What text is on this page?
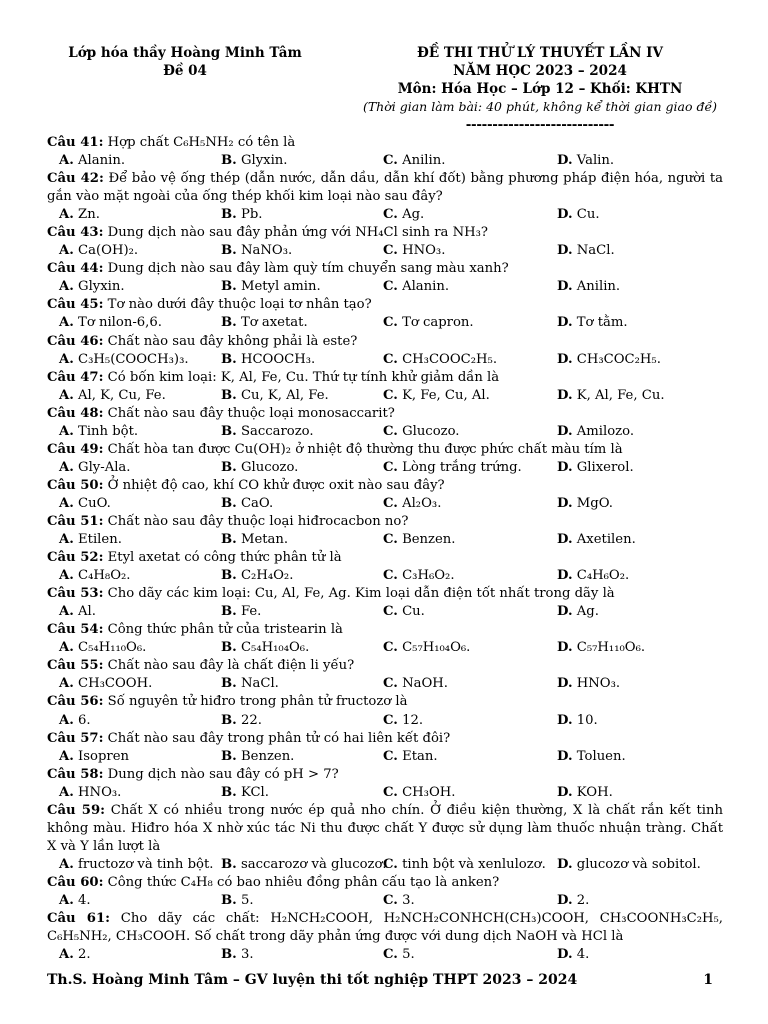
Lớp hóa thầy Hoàng Minh Tâm
Đề 04
ĐỀ THI THỬ LÝ THUYẾT LẦN IV
NĂM HỌC 2023 – 2024
Môn: Hóa Học – Lớp 12 – Khối: KHTN
(Thời gian làm bài: 40 phút, không kể thời gian giao đề)
----------------------------
Câu 41: Hợp chất C₆H₅NH₂ có tên là
A. Alanin.	B. Glyxin.	C. Anilin.	D. Valin.
Câu 42: Để bảo vệ ống thép (dẫn nước, dẫn dầu, dẫn khí đốt) bằng phương pháp điện hóa, người ta gắn vào mặt ngoài của ống thép khối kim loại nào sau đây?
A. Zn.	B. Pb.	C. Ag.	D. Cu.
Câu 43: Dung dịch nào sau đây phản ứng với NH₄Cl sinh ra NH₃?
A. Ca(OH)₂.	B. NaNO₃.	C. HNO₃.	D. NaCl.
Câu 44: Dung dịch nào sau đây làm quỳ tím chuyển sang màu xanh?
A. Glyxin.	B. Metyl amin.	C. Alanin.	D. Anilin.
Câu 45: Tơ nào dưới đây thuộc loại tơ nhân tạo?
A. Tơ nilon-6,6.	B. Tơ axetat.	C. Tơ capron.	D. Tơ tằm.
Câu 46: Chất nào sau đây không phải là este?
A. C₃H₅(COOCH₃)₃. B. HCOOCH₃.	C. CH₃COOC₂H₅.	D. CH₃COC₂H₅.
Câu 47: Có bốn kim loại: K, Al, Fe, Cu. Thứ tự tính khử giảm dần là
A. Al, K, Cu, Fe.	B. Cu, K, Al, Fe.	C. K, Fe, Cu, Al.	D. K, Al, Fe, Cu.
Câu 48: Chất nào sau đây thuộc loại monosaccarit?
A. Tinh bột.	B. Saccarozo.	C. Glucozo.	D. Amilozo.
Câu 49: Chất hòa tan được Cu(OH)₂ ở nhiệt độ thường thu được phức chất màu tím là
A. Gly-Ala.	B. Glucozo.	C. Lòng trắng trứng.	D. Glixerol.
Câu 50: Ở nhiệt độ cao, khí CO khử được oxit nào sau đây?
A. CuO.	B. CaO.	C. Al₂O₃.	D. MgO.
Câu 51: Chất nào sau đây thuộc loại hiđrocacbon no?
A. Etilen.	B. Metan.	C. Benzen.	D. Axetilen.
Câu 52: Etyl axetat có công thức phân tử là
A. C₄H₈O₂.	B. C₂H₄O₂.	C. C₃H₆O₂.	D. C₄H₆O₂.
Câu 53: Cho dãy các kim loại: Cu, Al, Fe, Ag. Kim loại dẫn điện tốt nhất trong dãy là
A. Al.	B. Fe.	C. Cu.	D. Ag.
Câu 54: Công thức phân tử của tristearin là
A. C₅₄H₁₁₀O₆.	B. C₅₄H₁₀₄O₆.	C. C₅₇H₁₀₄O₆.	D. C₅₇H₁₁₀O₆.
Câu 55: Chất nào sau đây là chất điện li yếu?
A. CH₃COOH.	B. NaCl.	C. NaOH.	D. HNO₃.
Câu 56: Số nguyên tử hiđro trong phân tử fructozơ là
A. 6.	B. 22.	C. 12.	D. 10.
Câu 57: Chất nào sau đây trong phân tử có hai liên kết đôi?
A. Isopren	B. Benzen.	C. Etan.	D. Toluen.
Câu 58: Dung dịch nào sau đây có pH > 7?
A. HNO₃.	B. KCl.	C. CH₃OH.	D. KOH.
Câu 59: Chất X có nhiều trong nước ép quả nho chín. Ở điều kiện thường, X là chất rắn kết tinh không màu. Hiđro hóa X nhờ xúc tác Ni thu được chất Y được sử dụng làm thuốc nhuận tràng. Chất X và Y lần lượt là
A. fructozơ và tinh bột. B. saccarozơ và glucozơ.
C. tinh bột và xenlulozơ. D. glucozơ và sobitol.
Câu 60: Công thức C₄H₈ có bao nhiêu đồng phân cấu tạo là anken?
A. 4.	B. 5.	C. 3.	D. 2.
Câu 61: Cho dãy các chất: H₂NCH₂COOH, H₂NCH₂CONHCH(CH₃)COOH, CH₃COONH₃C₂H₅, C₆H₅NH₂, CH₃COOH. Số chất trong dãy phản ứng được với dung dịch NaOH và HCl là
A. 2.	B. 3.	C. 5.	D. 4.
Th.S. Hoàng Minh Tâm – GV luyện thi tốt nghiệp THPT 2023 – 2024	1
